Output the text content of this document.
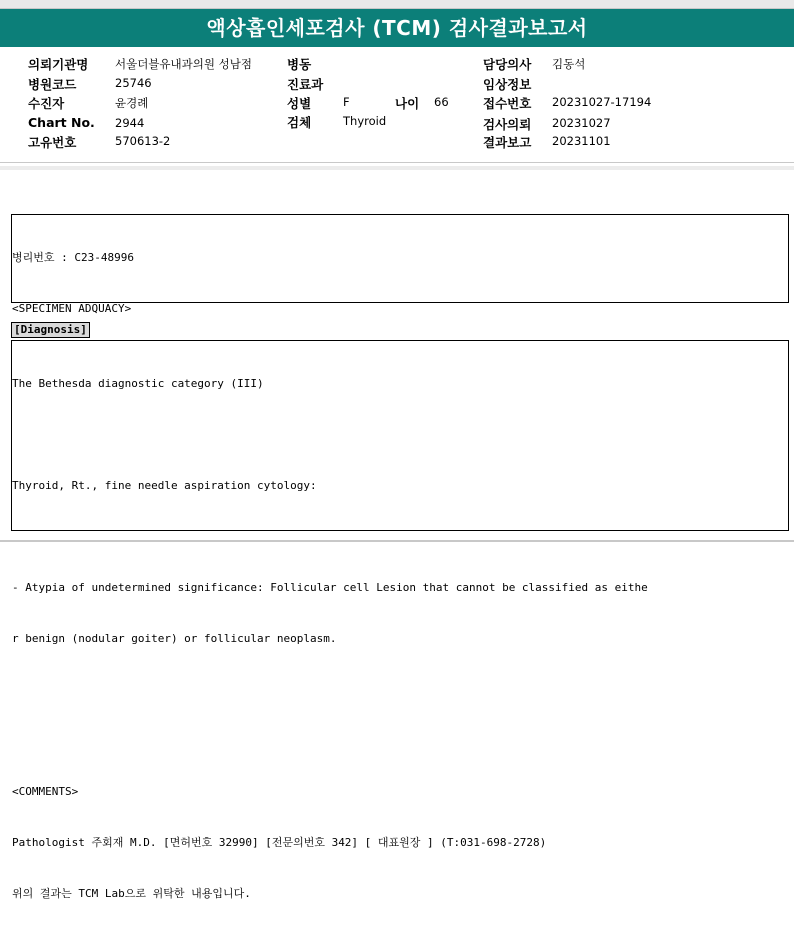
액상흡인세포검사 (TCM) 검사결과보고서
의뢰기관명 서울더블유내과의원 성남점
병원코드	25746
수진자	윤경례
Chart No. 2944
고유번호	570613-2
병동
진료과
성별	F	나이 66
검체	Thyroid
담당의사 김동석
임상정보
접수번호 20231027-17194
검사의뢰 20231027
결과보고 20231101

병리번호 : C23-48996

<SPECIMEN ADQUACY>

[Diagnosis]

The Bethesda diagnostic category (III)

Thyroid, Rt., fine needle aspiration cytology:

- Atypia of undetermined significance: Follicular cell Lesion that cannot be classified as eithe

r benign (nodular goiter) or follicular neoplasm.

<COMMENTS>

Pathologist 주회재 M.D. [면허번호 32990] [전문의번호 342] [ 대표원장 ] (T:031-698-2728)

위의 결과는 TCM Lab으로 위탁한 내용입니다.
